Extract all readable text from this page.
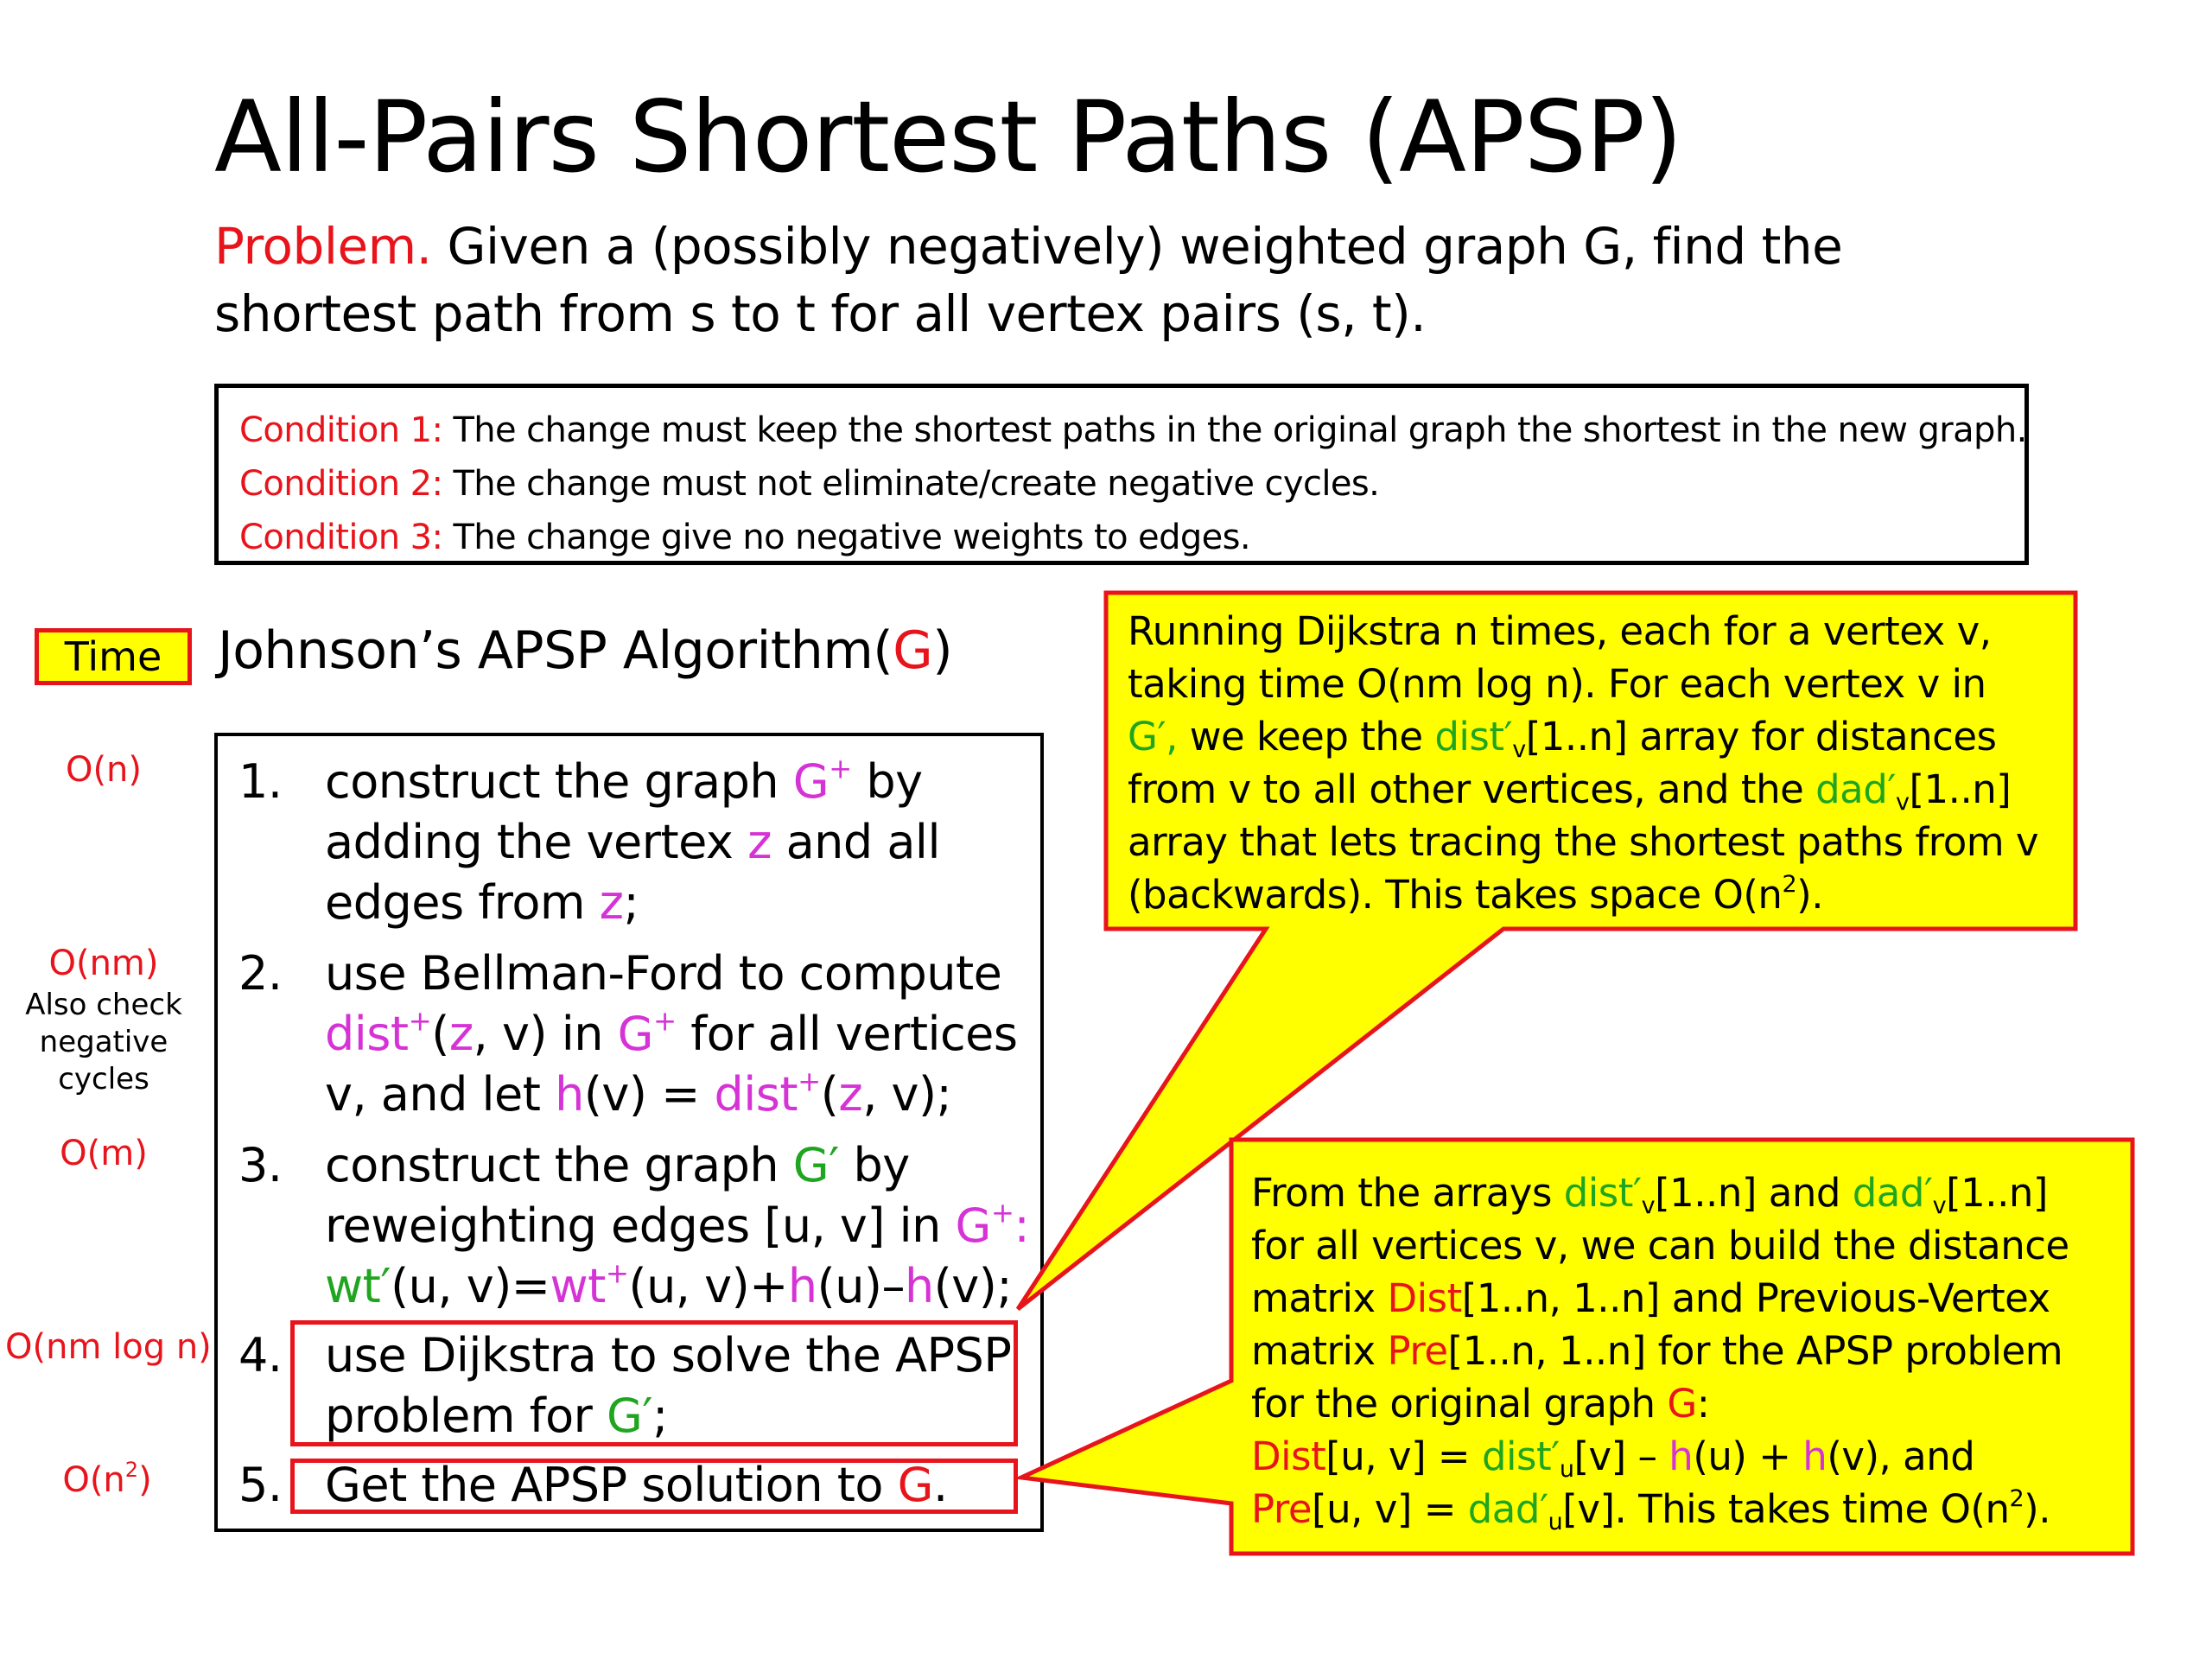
All-Pairs Shortest Paths (APSP)
Problem. Given a (possibly negatively) weighted graph G, find the
shortest path from s to t for all vertex pairs (s, t).
Condition 1: The change must keep the shortest paths in the original graph the shortest in the new graph.
Condition 2: The change must not eliminate/create negative cycles.
Condition 3: The change give no negative weights to edges.
Time	Johnson’s APSP Algorithm(G)
O(n)
O(nm)
Also check
negative
cycles
O(m)
O(nm log n)
$O(n^2)$
1. construct the graph G+ by
adding the vertex z and all
edges from z;
2. use Bellman-Ford to compute
dist+(z, v) in G+ for all vertices
v, and let h(v) = dist+(z, v);
3. construct the graph G′ by
reweighting edges [u, v] in G+:
wt′(u, v)=wt+(u, v)+h(u)–h(v);
4. use Dijkstra to solve the APSP
problem for G′;
5. Get the APSP solution to G.
Running Dijkstra n times, each for a vertex v,
taking time O(nm log n). For each vertex v in
G′, we keep the $dist'_v[1..n]$ array for distances
from v to all other vertices, and the $dad'_v[1..n]$
array that lets tracing the shortest paths from v
(backwards). This takes space $O(n^2)$.
From the arrays $dist'_v[1..n]$ and $dad'_v[1..n]$
for all vertices v, we can build the distance
matrix Dist[1..n, 1..n] and Previous-Vertex
matrix Pre[1..n, 1..n] for the APSP problem
for the original graph G:
Dist[u, $v] = dist'_u[v] - h(u) + h(v)$, and
Pre[u, $v] = dad'_u[v]$. This takes time $O(n^2)$.
